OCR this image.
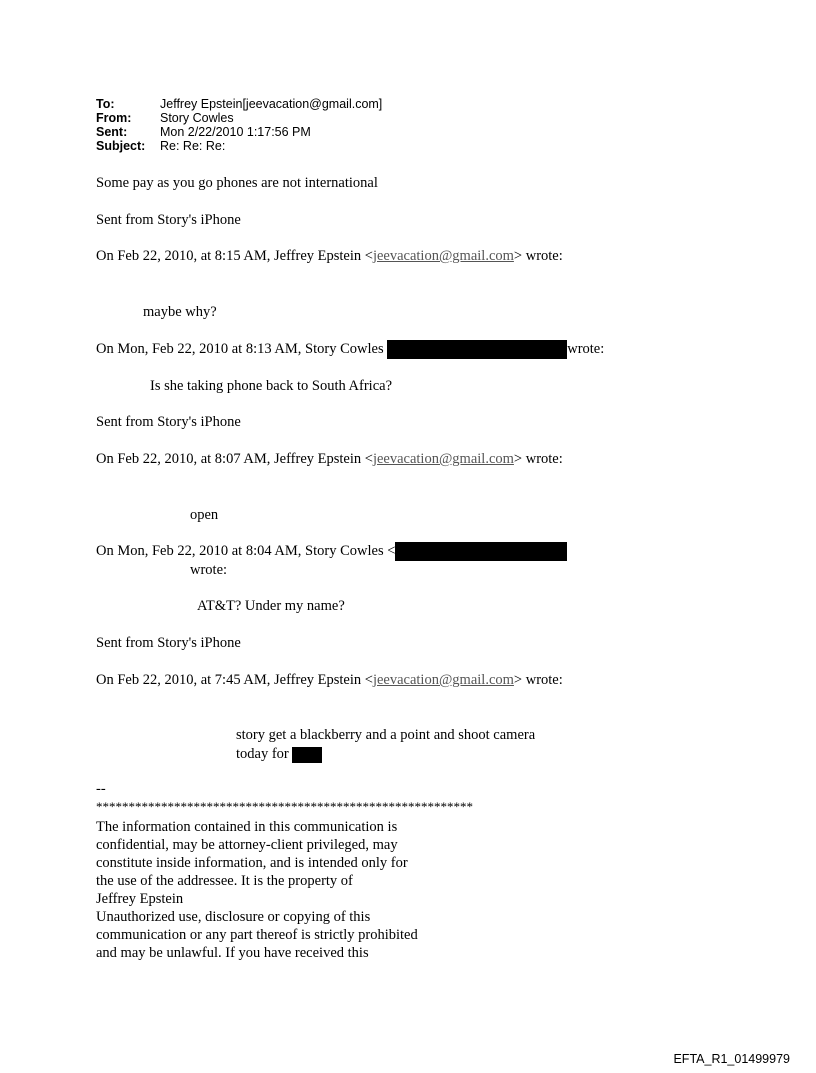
To:	Jeffrey Epstein[jeevacation@gmail.com]
From:	Story Cowles
Sent:	Mon 2/22/2010 1:17:56 PM
Subject:	Re: Re: Re:
Some pay as you go phones are not international
Sent from Story's iPhone
On Feb 22, 2010, at 8:15 AM, Jeffrey Epstein <jeevacation@gmail.com> wrote:
maybe why?
On Mon, Feb 22, 2010 at 8:13 AM, Story Cowles	wrote:
Is she taking phone back to South Africa?
Sent from Story's iPhone
On Feb 22, 2010, at 8:07 AM, Jeffrey Epstein <jeevacation@gmail.com> wrote:
open
On Mon, Feb 22, 2010 at 8:04 AM, Story Cowles <
wrote:
AT&T? Under my name?
Sent from Story's iPhone
On Feb 22, 2010, at 7:45 AM, Jeffrey Epstein <jeevacation@gmail.com> wrote:
story get a blackberry and a point and shoot camera
today for
--
**********************************************************
The information contained in this communication is
confidential, may be attorney-client privileged, may
constitute inside information, and is intended only for
the use of the addressee. It is the property of
Jeffrey Epstein
Unauthorized use, disclosure or copying of this
communication or any part thereof is strictly prohibited
and may be unlawful. If you have received this
EFTA_R1_01499979
